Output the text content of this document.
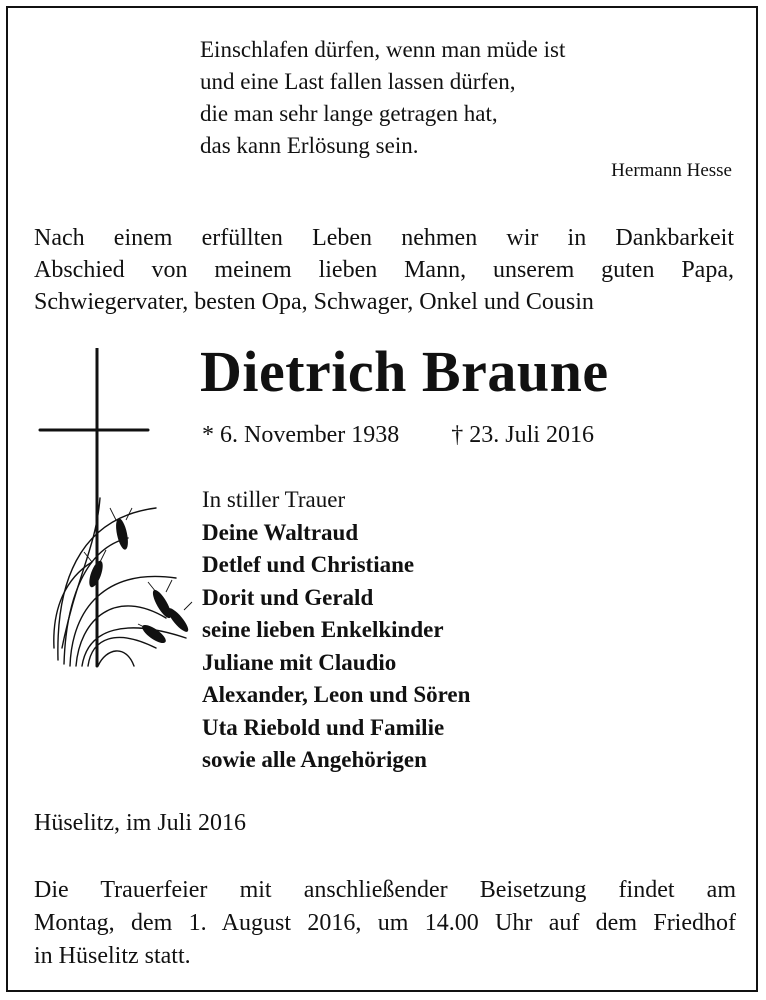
Einschlafen dürfen, wenn man müde ist
und eine Last fallen lassen dürfen,
die man sehr lange getragen hat,
das kann Erlösung sein.
Hermann Hesse
Nach einem erfüllten Leben nehmen wir in Dankbarkeit
Abschied von meinem lieben Mann, unserem guten Papa,
Schwiegervater, besten Opa, Schwager, Onkel und Cousin
Dietrich Braune
* 6. November 1938 † 23. Juli 2016
In stiller Trauer
Deine Waltraud
Detlef und Christiane
Dorit und Gerald
seine lieben Enkelkinder
Juliane mit Claudio
Alexander, Leon und Sören
Uta Riebold und Familie
sowie alle Angehörigen
Hüselitz, im Juli 2016
Die Trauerfeier mit anschließender Beisetzung findet am
Montag, dem 1. August 2016, um 14.00 Uhr auf dem Friedhof
in Hüselitz statt.
